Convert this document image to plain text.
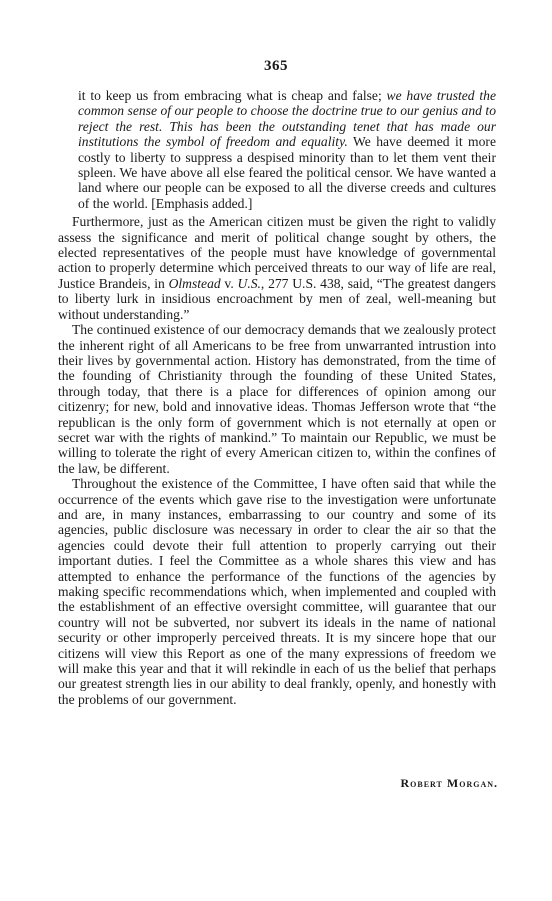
365

it to keep us from embracing what is cheap and false; we have trusted the common sense of our people to choose the doctrine true to our genius and to reject the rest. This has been the outstanding tenet that has made our institutions the symbol of freedom and equality. We have deemed it more costly to liberty to suppress a despised minority than to let them vent their spleen. We have above all else feared the political censor. We have wanted a land where our people can be exposed to all the diverse creeds and cultures of the world. [Emphasis added.]

Furthermore, just as the American citizen must be given the right to validly assess the significance and merit of political change sought by others, the elected representatives of the people must have knowledge of governmental action to properly determine which perceived threats to our way of life are real, Justice Brandeis, in Olmstead v. U.S., 277 U.S. 438, said, “The greatest dangers to liberty lurk in insidious encroachment by men of zeal, well-meaning but without understanding.”

The continued existence of our democracy demands that we zealously protect the inherent right of all Americans to be free from unwarranted intrustion into their lives by governmental action. History has demonstrated, from the time of the founding of Christianity through the founding of these United States, through today, that there is a place for differences of opinion among our citizenry; for new, bold and innovative ideas. Thomas Jefferson wrote that “the republican is the only form of government which is not eternally at open or secret war with the rights of mankind.” To maintain our Republic, we must be willing to tolerate the right of every American citizen to, within the confines of the law, be different.

Throughout the existence of the Committee, I have often said that while the occurrence of the events which gave rise to the investigation were unfortunate and are, in many instances, embarrassing to our country and some of its agencies, public disclosure was necessary in order to clear the air so that the agencies could devote their full attention to properly carrying out their important duties. I feel the Committee as a whole shares this view and has attempted to enhance the performance of the functions of the agencies by making specific recommendations which, when implemented and coupled with the establishment of an effective oversight committee, will guarantee that our country will not be subverted, nor subvert its ideals in the name of national security or other improperly perceived threats. It is my sincere hope that our citizens will view this Report as one of the many expressions of freedom we will make this year and that it will rekindle in each of us the belief that perhaps our greatest strength lies in our ability to deal frankly, openly, and honestly with the problems of our government.

Robert Morgan.
